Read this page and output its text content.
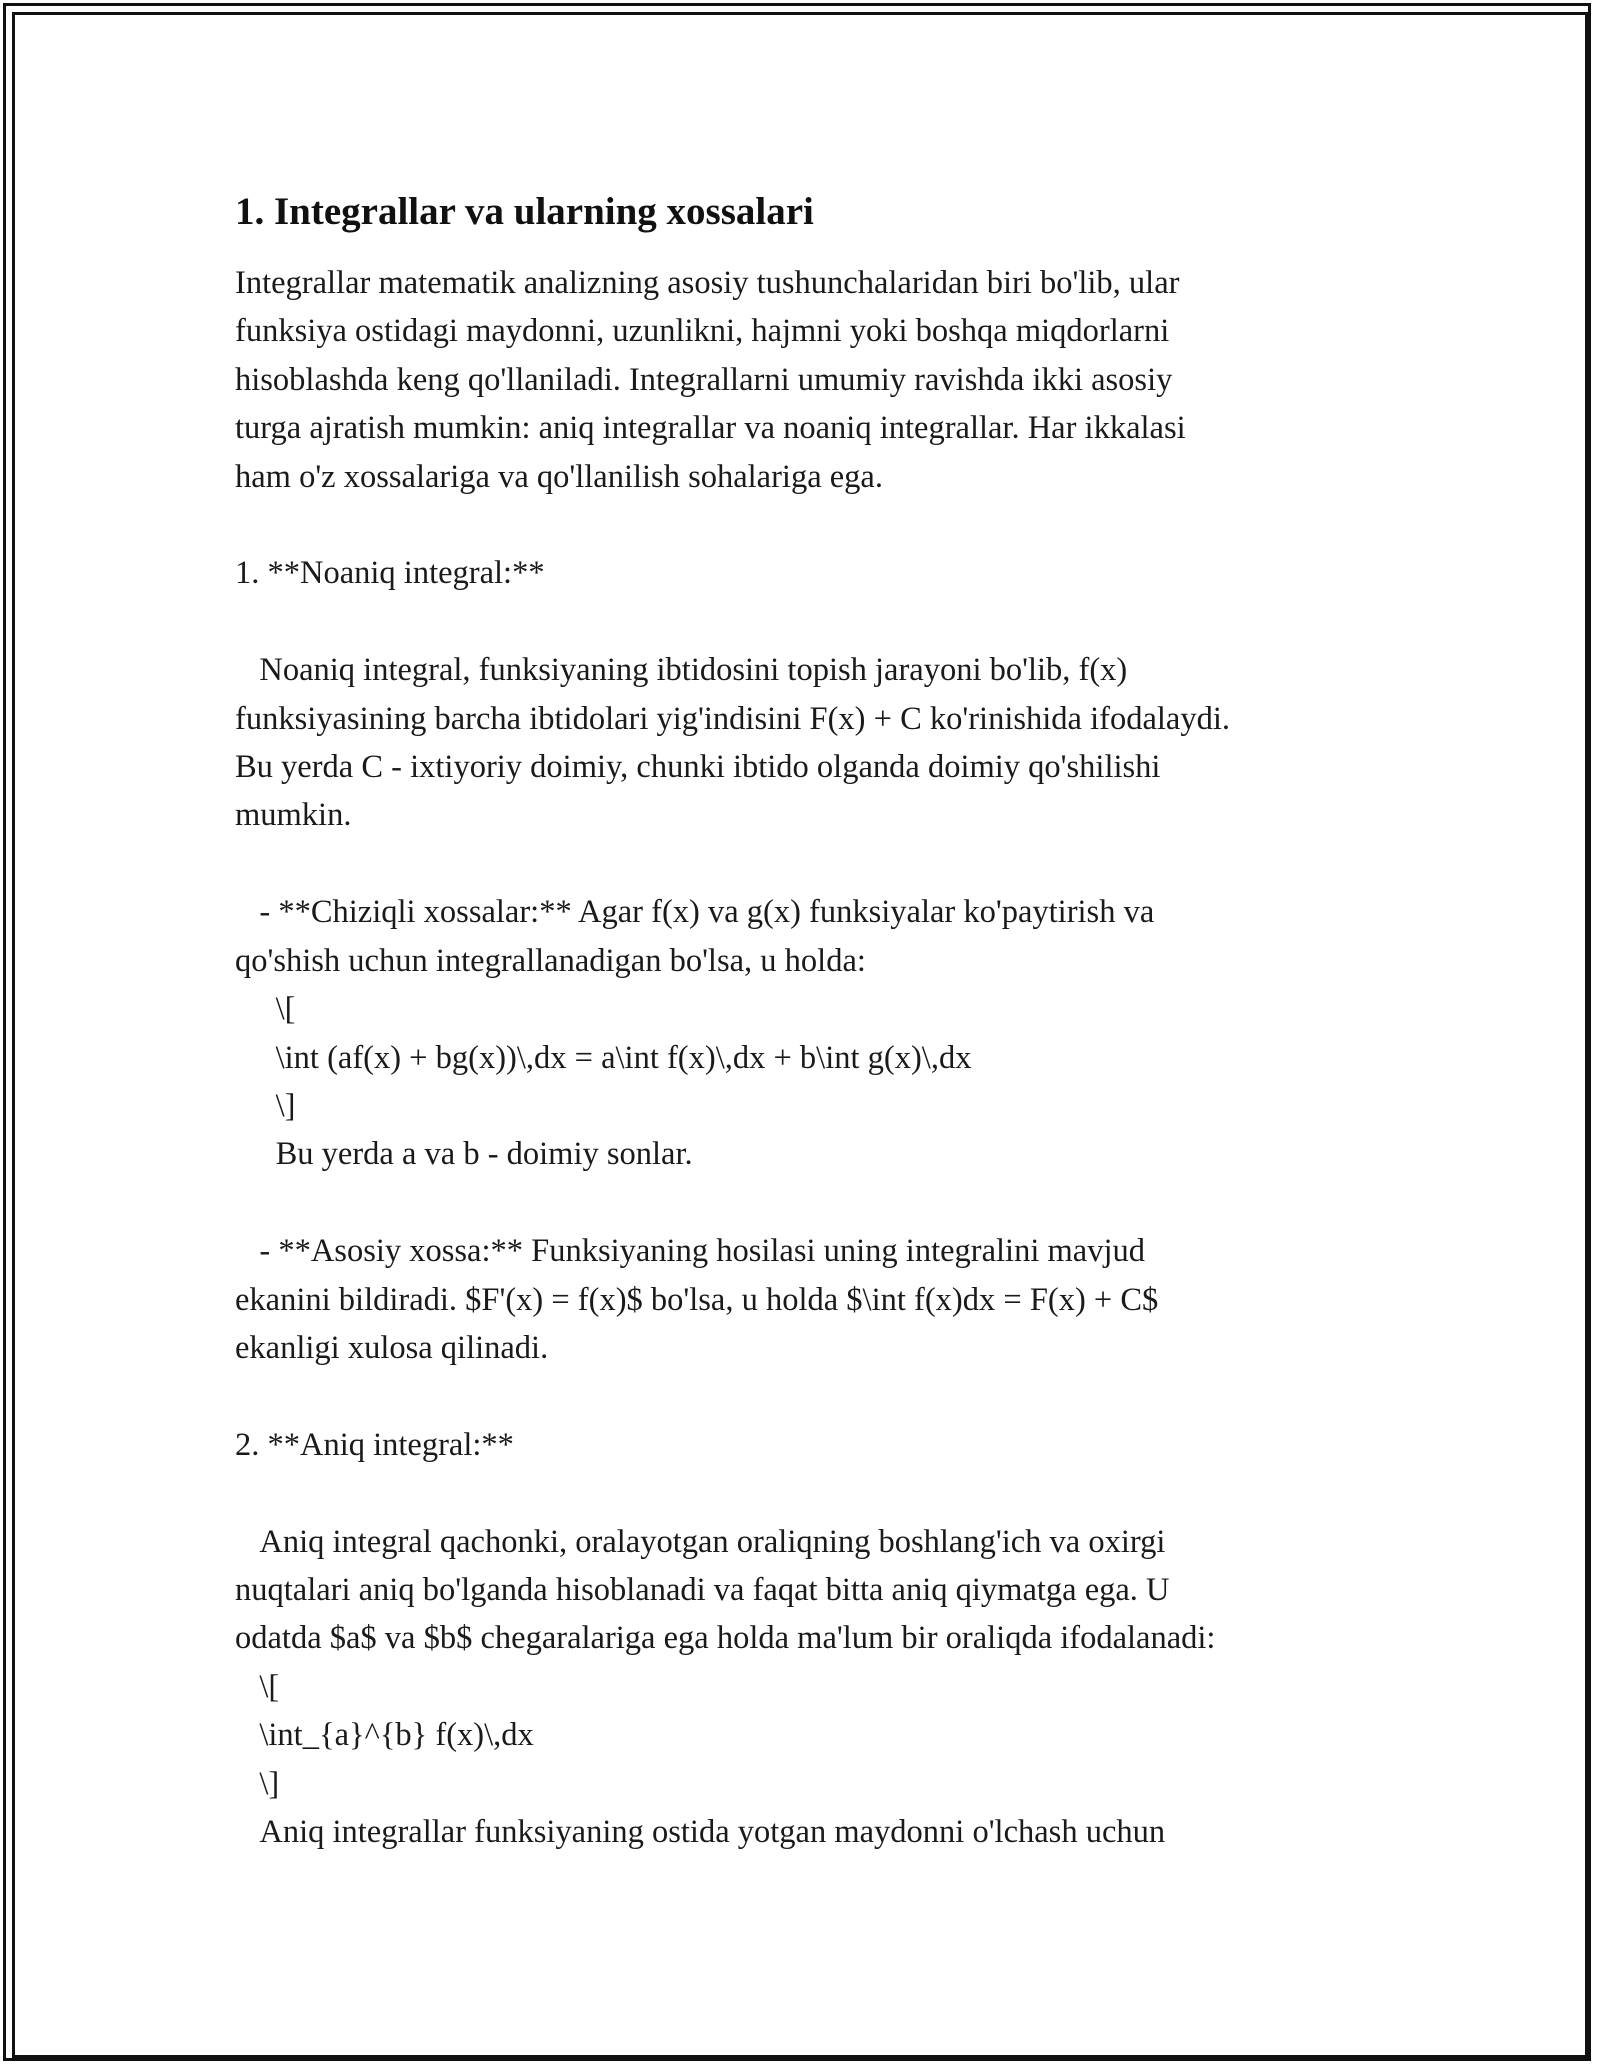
1. Integrallar va ularning xossalari
Integrallar matematik analizning asosiy tushunchalaridan biri bo'lib, ular
funksiya ostidagi maydonni, uzunlikni, hajmni yoki boshqa miqdorlarni
hisoblashda keng qo'llaniladi. Integrallarni umumiy ravishda ikki asosiy
turga ajratish mumkin: aniq integrallar va noaniq integrallar. Har ikkalasi
ham o'z xossalariga va qo'llanilish sohalariga ega.

1. **Noaniq integral:**

Noaniq integral, funksiyaning ibtidosini topish jarayoni bo'lib, f(x)
funksiyasining barcha ibtidolari yig'indisini F(x) + C ko'rinishida ifodalaydi.
Bu yerda C - ixtiyoriy doimiy, chunki ibtido olganda doimiy qo'shilishi
mumkin.

- **Chiziqli xossalar:** Agar f(x) va g(x) funksiyalar ko'paytirish va
qo'shish uchun integrallanadigan bo'lsa, u holda:
\[
\int (af(x) + bg(x))\,dx = a\int f(x)\,dx + b\int g(x)\,dx
\]
Bu yerda a va b - doimiy sonlar.

- **Asosiy xossa:** Funksiyaning hosilasi uning integralini mavjud
ekanini bildiradi. $F'(x) = f(x)$ bo'lsa, u holda $\int f(x)dx = F(x) + C$
ekanligi xulosa qilinadi.

2. **Aniq integral:**

Aniq integral qachonki, oralayotgan oraliqning boshlang'ich va oxirgi
nuqtalari aniq bo'lganda hisoblanadi va faqat bitta aniq qiymatga ega. U
odatda $a$ va $b$ chegaralariga ega holda ma'lum bir oraliqda ifodalanadi:
\[
\int_{a}^{b} f(x)\,dx
\]
Aniq integrallar funksiyaning ostida yotgan maydonni o'lchash uchun
